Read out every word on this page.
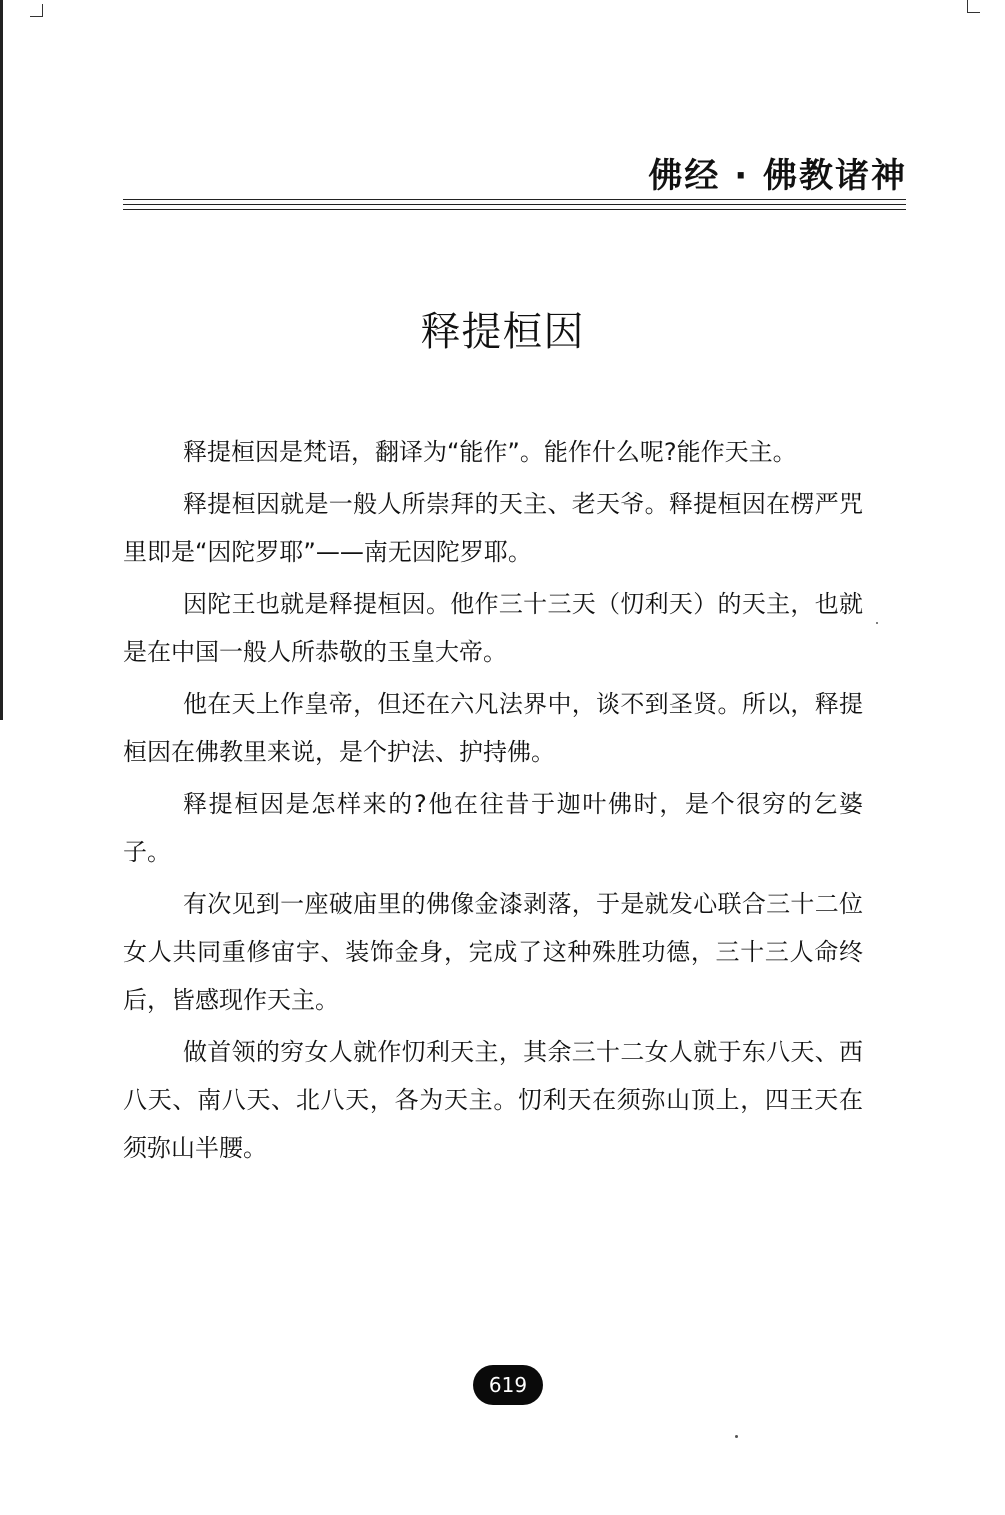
佛经 · 佛教诸神
释提桓因

释提桓因是梵语，翻译为“能作”。能作什么呢?能作天主。

释提桓因就是一般人所崇拜的天主、老天爷。释提桓因在楞严咒里即是“因陀罗耶”——南无因陀罗耶。

因陀王也就是释提桓因。他作三十三天（忉利天）的天主，也就是在中国一般人所恭敬的玉皇大帝。

他在天上作皇帝，但还在六凡法界中，谈不到圣贤。所以，释提桓因在佛教里来说，是个护法、护持佛。

释提桓因是怎样来的?他在往昔于迦叶佛时，是个很穷的乞婆子。

有次见到一座破庙里的佛像金漆剥落，于是就发心联合三十二位女人共同重修宙宇、装饰金身，完成了这种殊胜功德，三十三人命终后，皆感现作天主。

做首领的穷女人就作忉利天主，其余三十二女人就于东八天、西八天、南八天、北八天，各为天主。忉利天在须弥山顶上，四王天在须弥山半腰。

619
